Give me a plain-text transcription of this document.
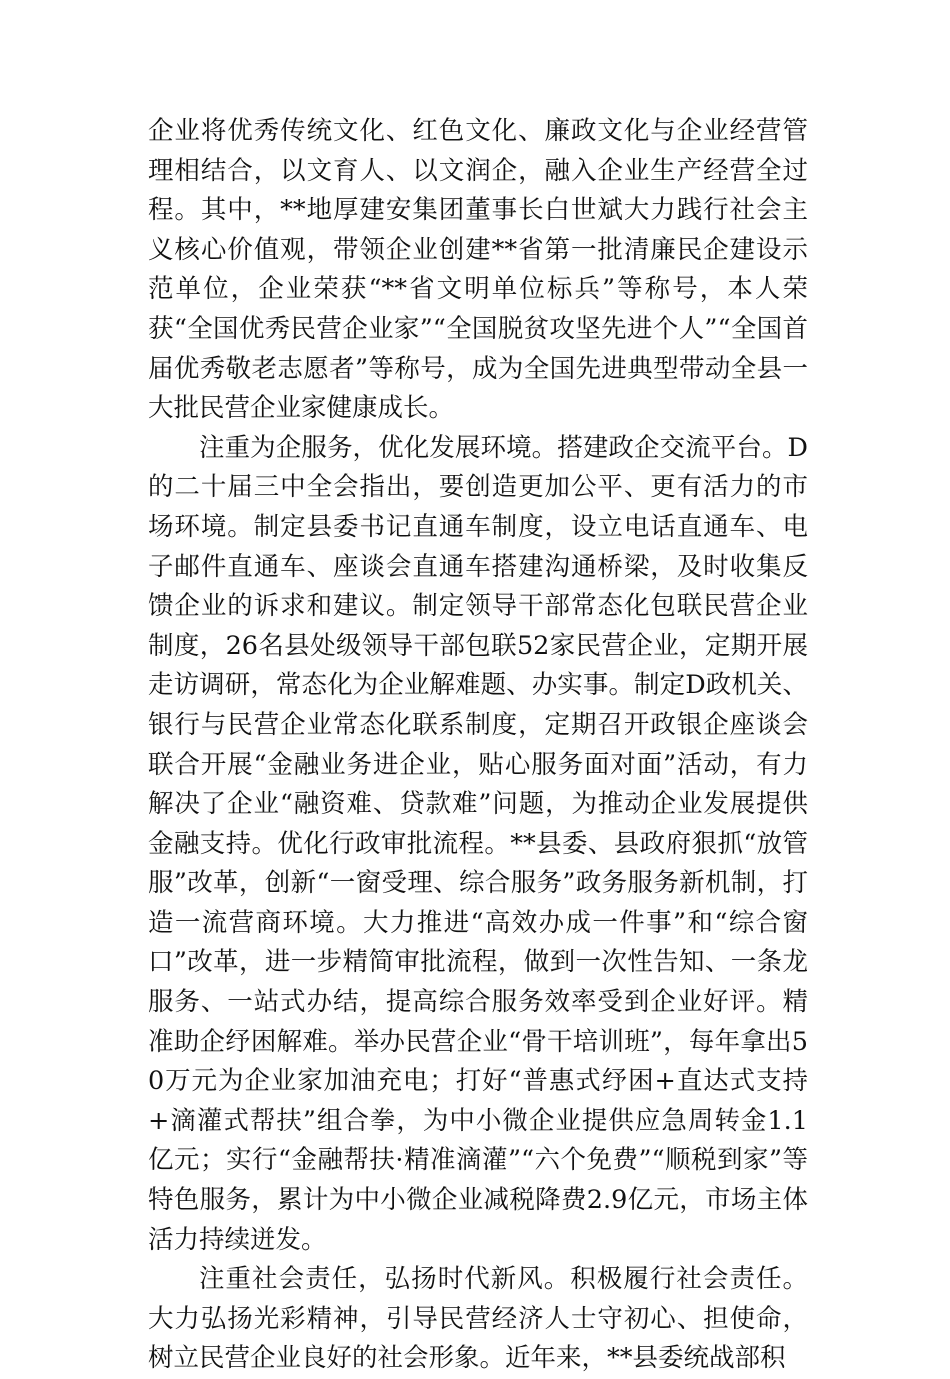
企业将优秀传统文化、红色文化、廉政文化与企业经营管理相结合，以文育人、以文润企，融入企业生产经营全过程。其中，**地厚建安集团董事长白世斌大力践行社会主义核心价值观，带领企业创建**省第一批清廉民企建设示范单位，企业荣获“**省文明单位标兵”等称号，本人荣获“全国优秀民营企业家”“全国脱贫攻坚先进个人”“全国首届优秀敬老志愿者”等称号，成为全国先进典型带动全县一大批民营企业家健康成长。

注重为企服务，优化发展环境。搭建政企交流平台。D的二十届三中全会指出，要创造更加公平、更有活力的市场环境。制定县委书记直通车制度，设立电话直通车、电子邮件直通车、座谈会直通车搭建沟通桥梁，及时收集反馈企业的诉求和建议。制定领导干部常态化包联民营企业制度，26名县处级领导干部包联52家民营企业，定期开展走访调研，常态化为企业解难题、办实事。制定D政机关、银行与民营企业常态化联系制度，定期召开政银企座谈会联合开展“金融业务进企业，贴心服务面对面”活动，有力解决了企业“融资难、贷款难”问题，为推动企业发展提供金融支持。优化行政审批流程。**县委、县政府狠抓“放管服”改革，创新“一窗受理、综合服务”政务服务新机制，打造一流营商环境。大力推进“高效办成一件事”和“综合窗口”改革，进一步精简审批流程，做到一次性告知、一条龙服务、一站式办结，提高综合服务效率受到企业好评。精准助企纾困解难。举办民营企业“骨干培训班”，每年拿出50万元为企业家加油充电；打好“普惠式纾困+直达式支持+滴灌式帮扶”组合拳，为中小微企业提供应急周转金1.1亿元；实行“金融帮扶·精准滴灌”“六个免费”“顺税到家”等特色服务，累计为中小微企业减税降费2.9亿元，市场主体活力持续迸发。

注重社会责任，弘扬时代新风。积极履行社会责任。大力弘扬光彩精神，引导民营经济人士守初心、担使命，树立民营企业良好的社会形象。近年来，**县委统战部积
